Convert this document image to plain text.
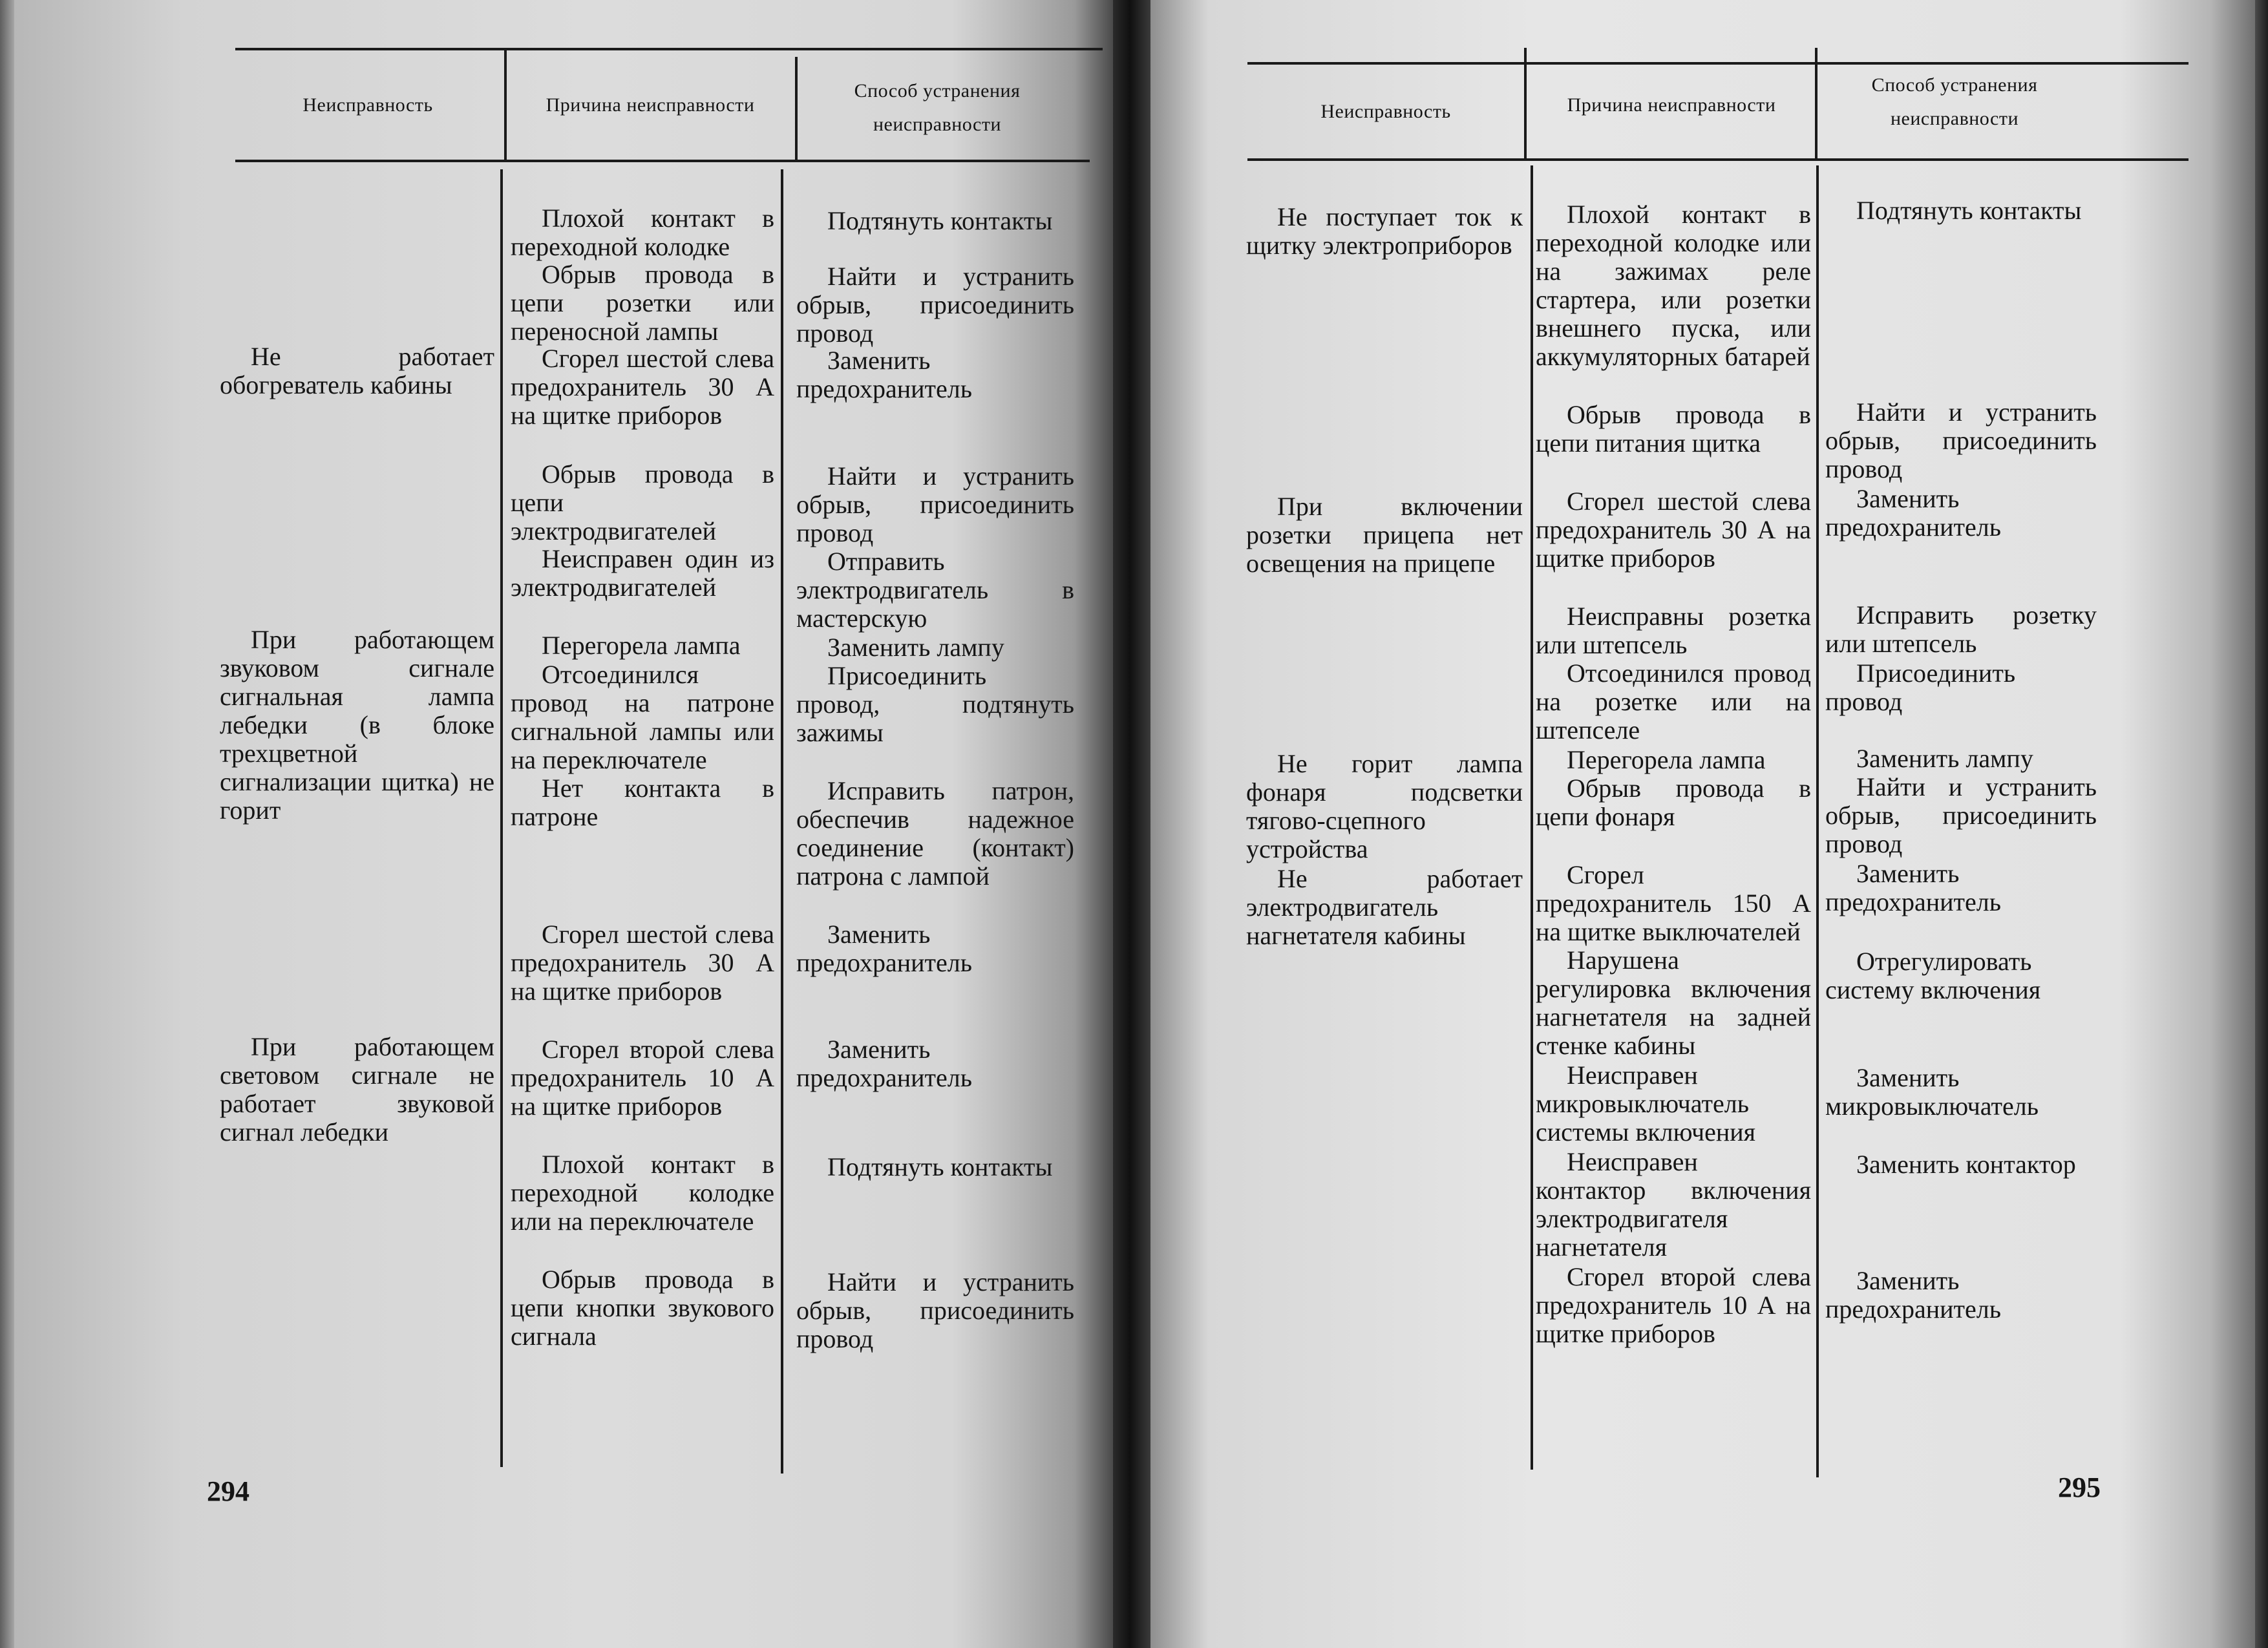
Неисправность	Причина неисправности
Способ устранения неисправности
Не работает обогреватель кабины
При работающем звуковом сигнале сигнальная лампа лебедки (в блоке трехцветной сигнализации щитка) не горит
При работающем световом сигнале не работает звуковой сигнал лебедки
Плохой контакт в переходной колодке
Обрыв провода в цепи розетки или переносной лампы
Сгорел шестой слева предохранитель 30 А на щитке приборов
Обрыв провода в цепи электродвигателей
Неисправен один из электродвигателей
Перегорела лампа
Отсоединился провод на патроне сигнальной лампы или на переключателе
Нет контакта в патроне
Сгорел шестой слева предохранитель 30 А на щитке приборов
Сгорел второй слева предохранитель 10 А на щитке приборов
Плохой контакт в переходной колодке или на переключателе
Обрыв провода в цепи кнопки звукового сигнала
Подтянуть контакты
Найти и устранить обрыв, присоединить провод
Заменить предохранитель
Найти и устранить обрыв, присоединить провод
Отправить электродвигатель в мастерскую
Заменить лампу
Присоединить провод, подтянуть зажимы
Исправить патрон, обеспечив надежное соединение (контакт) патрона с лампой
Заменить предохранитель
Заменить предохранитель
Подтянуть контакты
Найти и устранить обрыв, присоединить провод
294
Неисправность	Причина неисправности
Способ устранения неисправности
Не поступает ток к щитку электроприборов
При включении розетки прицепа нет освещения на прицепе
Не горит лампа фонаря подсветки тягово-сцепного устройства
Не работает электродвигатель нагнетателя кабины
Плохой контакт в переходной колодке или на зажимах реле стартера, или розетки внешнего пуска, или аккумуляторных батарей
Обрыв провода в цепи питания щитка
Сгорел шестой слева предохранитель 30 А на щитке приборов
Неисправны розетка или штепсель
Отсоединился провод на розетке или на штепселе
Перегорела лампа
Обрыв провода в цепи фонаря
Сгорел предохранитель 150 А на щитке выключателей
Нарушена регулировка включения нагнетателя на задней стенке кабины
Неисправен микровыключатель системы включения
Неисправен контактор включения электродвигателя нагнетателя
Сгорел второй слева предохранитель 10 А на щитке приборов
Подтянуть контакты
Найти и устранить обрыв, присоединить провод
Заменить предохранитель
Исправить розетку или штепсель
Присоединить провод
Заменить лампу
Найти и устранить обрыв, присоединить провод
Заменить предохранитель
Отрегулировать систему включения
Заменить микровыключатель
Заменить контактор
Заменить предохранитель
295
